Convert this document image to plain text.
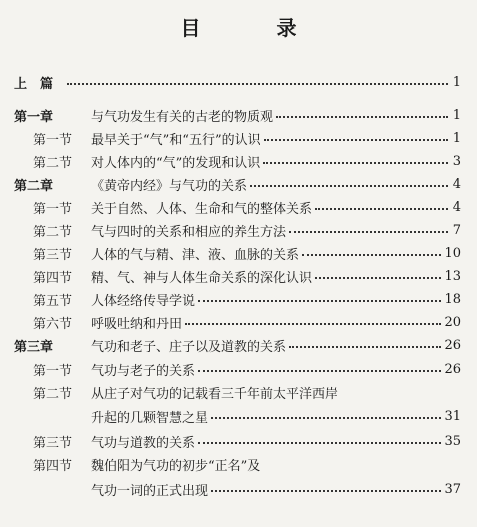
目　录
上　篇	1
第一章	与气功发生有关的古老的物质观	1
第一节	最早关于“气”和“五行”的认识	1
第二节	对人体内的“气”的发现和认识	3
第二章	《黄帝内经》与气功的关系	4
第一节	关于自然、人体、生命和气的整体关系	4
第二节	气与四时的关系和相应的养生方法	7
第三节	人体的气与精、津、液、血脉的关系	10
第四节	精、气、神与人体生命关系的深化认识	13
第五节	人体经络传导学说	18
第六节	呼吸吐纳和丹田	20
第三章	气功和老子、庄子以及道教的关系	26
第一节	气功与老子的关系	26
第二节	从庄子对气功的记载看三千年前太平洋西岸
升起的几颗智慧之星	31
第三节	气功与道教的关系	35
第四节	魏伯阳为气功的初步“正名”及
气功一词的正式出现	37
